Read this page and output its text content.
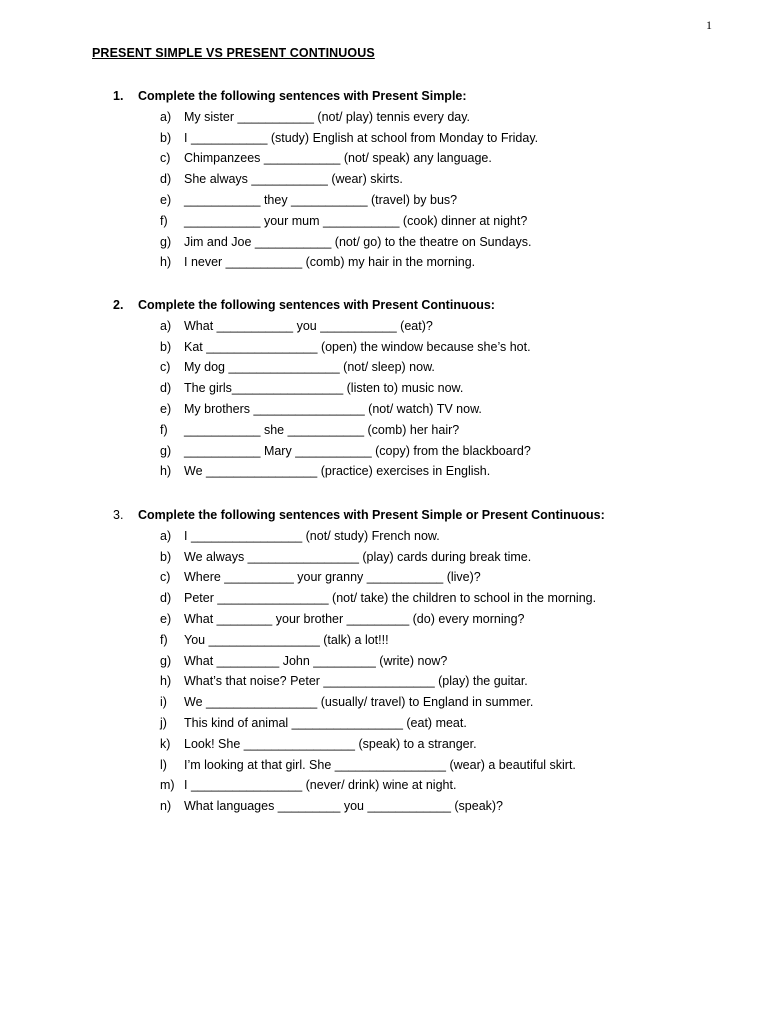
1
PRESENT SIMPLE VS PRESENT CONTINUOUS
1. Complete the following sentences with Present Simple:
a) My sister ___________ (not/ play) tennis every day.
b) I ___________ (study) English at school from Monday to Friday.
c) Chimpanzees ___________ (not/ speak) any language.
d) She always ___________ (wear) skirts.
e) ___________ they ___________ (travel) by bus?
f) ___________ your mum ___________ (cook) dinner at night?
g) Jim and Joe ___________ (not/ go) to the theatre on Sundays.
h) I never ___________ (comb) my hair in the morning.
2. Complete the following sentences with Present Continuous:
a) What ___________ you ___________ (eat)?
b) Kat ________________ (open) the window because she’s hot.
c) My dog ________________ (not/ sleep) now.
d) The girls________________ (listen to) music now.
e) My brothers ________________ (not/ watch) TV now.
f) ___________ she ___________ (comb) her hair?
g) ___________ Mary ___________ (copy) from the blackboard?
h) We ________________ (practice) exercises in English.
3. Complete the following sentences with Present Simple or Present Continuous:
a) I ________________ (not/ study) French now.
b) We always ________________ (play) cards during break time.
c) Where __________ your granny ___________ (live)?
d) Peter ________________ (not/ take) the children to school in the morning.
e) What ________ your brother _________ (do) every morning?
f) You ________________ (talk) a lot!!!
g) What _________ John _________ (write) now?
h) What’s that noise? Peter ________________ (play) the guitar.
i) We ________________ (usually/ travel) to England in summer.
j) This kind of animal ________________ (eat) meat.
k) Look! She ________________ (speak) to a stranger.
l) I’m looking at that girl. She ________________ (wear) a beautiful skirt.
m) I ________________ (never/ drink) wine at night.
n) What languages _________ you ____________ (speak)?
